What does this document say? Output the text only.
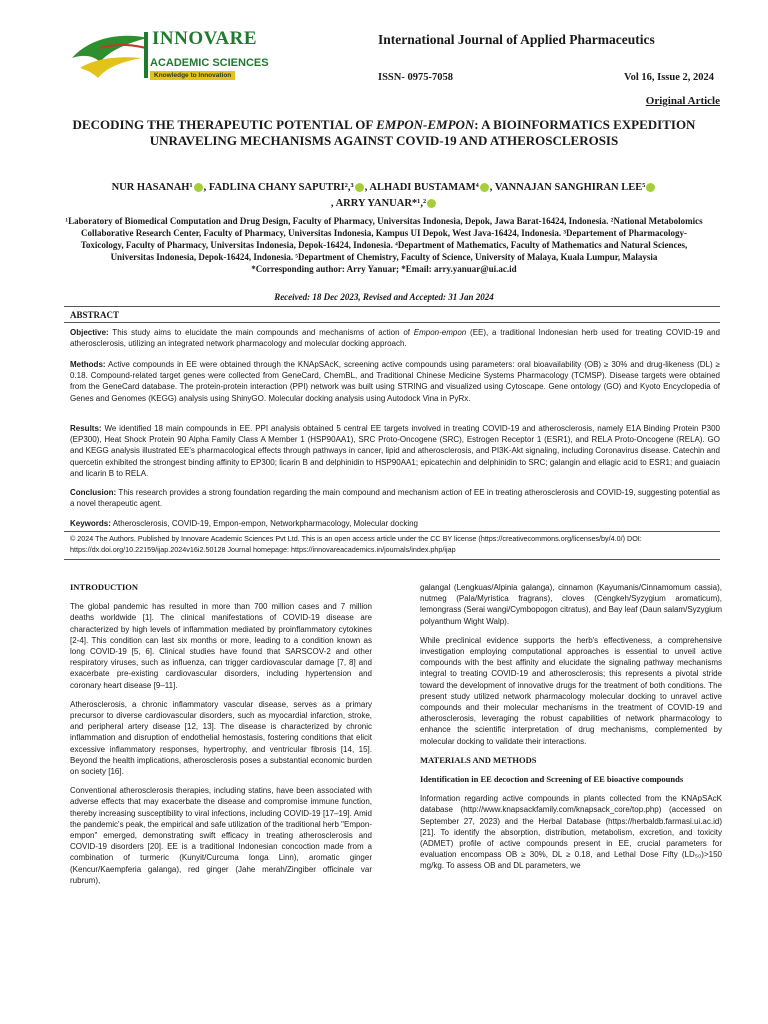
INNOVARE
ACADEMIC SCIENCES
Knowledge to Innovation
International Journal of Applied Pharmaceutics
ISSN- 0975-7058	Vol 16, Issue 2, 2024
Original Article
DECODING THE THERAPEUTIC POTENTIAL OF EMPON-EMPON: A BIOINFORMATICS EXPEDITION UNRAVELING MECHANISMS AGAINST COVID-19 AND ATHEROSCLEROSIS
NUR HASANAH¹ , FADLINA CHANY SAPUTRI²,³ , ALHADI BUSTAMAM⁴ , VANNAJAN SANGHIRAN LEE⁵
, ARRY YANUAR*¹,²
¹Laboratory of Biomedical Computation and Drug Design, Faculty of Pharmacy, Universitas Indonesia, Depok, Jawa Barat-16424, Indonesia. ²National Metabolomics Collaborative Research Center, Faculty of Pharmacy, Universitas Indonesia, Kampus UI Depok, West Java-16424, Indonesia. ³Departement of Pharmacology-Toxicology, Faculty of Pharmacy, Universitas Indonesia, Depok-16424, Indonesia. ⁴Department of Mathematics, Faculty of Mathematics and Natural Sciences, Universitas Indonesia, Depok-16424, Indonesia. ⁵Department of Chemistry, Faculty of Science, University of Malaya, Kuala Lumpur, Malaysia
*Corresponding author: Arry Yanuar; *Email: arry.yanuar@ui.ac.id
Received: 18 Dec 2023, Revised and Accepted: 31 Jan 2024
ABSTRACT
Objective: This study aims to elucidate the main compounds and mechanisms of action of Empon-empon (EE), a traditional Indonesian herb used for treating COVID-19 and atherosclerosis, utilizing an integrated network pharmacology and molecular docking approach.
Methods: Active compounds in EE were obtained through the KNApSAcK, screening active compounds using parameters: oral bioavailability (OB) ≥ 30% and drug-likeness (DL) ≥ 0.18. Compound-related target genes were collected from GeneCard, ChemBL, and Traditional Chinese Medicine Systems Pharmacology (TCMSP). Disease targets were obtained from the GeneCard database. The protein-protein interaction (PPI) network was built using STRING and visualized using Cytoscape. Gene ontology (GO) and Kyoto Encyclopedia of Genes and Genomes (KEGG) analysis using ShinyGO. Molecular docking analysis using Autodock Vina in PyRx.
Results: We identified 18 main compounds in EE. PPI analysis obtained 5 central EE targets involved in treating COVID-19 and atherosclerosis, namely E1A Binding Protein P300 (EP300), Heat Shock Protein 90 Alpha Family Class A Member 1 (HSP90AA1), SRC Proto-Oncogene (SRC), Estrogen Receptor 1 (ESR1), and RELA Proto-Oncogene (RELA). GO and KEGG analysis illustrated EE's pharmacological effects through pathways in cancer, lipid and atherosclerosis, and PI3K-Akt signaling, including Coronavirus disease. Catechin and quercetin exhibited the strongest binding affinity to EP300; licarin B and delphinidin to HSP90AA1; epicatechin and delphinidin to SRC; galangin and ellagic acid to ESR1; and guaiacin and licarin B to RELA.
Conclusion: This research provides a strong foundation regarding the main compound and mechanism action of EE in treating atherosclerosis and COVID-19, suggesting potential as a novel therapeutic agent.
Keywords: Atherosclerosis, COVID-19, Empon-empon, Networkpharmacology, Molecular docking
© 2024 The Authors. Published by Innovare Academic Sciences Pvt Ltd. This is an open access article under the CC BY license (https://creativecommons.org/licenses/by/4.0/) DOI: https://dx.doi.org/10.22159/ijap.2024v16i2.50128 Journal homepage: https://innovareacademics.in/journals/index.php/ijap
INTRODUCTION

The global pandemic has resulted in more than 700 million cases and 7 million deaths worldwide [1]. The clinical manifestations of COVID-19 disease are characterized by high levels of inflammation mediated by proinflammatory cytokines [2-4]. This condition can last six months or more, leading to a condition known as long COVID-19 [5, 6]. Clinical studies have found that SARSCOV-2 and other respiratory viruses, such as influenza, can trigger cardiovascular damage [7, 8] and exacerbate pre-existing cardiovascular disorders, including hypertension and coronary heart disease [9–11].

Atherosclerosis, a chronic inflammatory vascular disease, serves as a primary precursor to diverse cardiovascular disorders, such as myocardial infarction, stroke, and peripheral artery disease [12, 13]. The disease is characterized by chronic inflammation and disruption of endothelial hemostasis, fostering conditions that elicit excessive inflammatory responses, hypertrophy, and ventricular fibrosis [14, 15]. Beyond the health implications, atherosclerosis poses a substantial economic burden on society [16].

Conventional atherosclerosis therapies, including statins, have been associated with adverse effects that may exacerbate the disease and compromise immune function, thereby increasing susceptibility to viral infections, including COVID-19 [17–19]. Amid the pandemic's peak, the empirical and safe utilization of the traditional herb "Empon-empon" emerged, demonstrating swift efficacy in treating atherosclerosis and COVID-19 disorders [20]. EE is a traditional Indonesian concoction made from a combination of turmeric (Kunyit/Curcuma longa Linn), aromatic ginger (Kencur/Kaempferia galanga), red ginger (Jahe merah/Zingiber officinale var rubrum),

galangal (Lengkuas/Alpinia galanga), cinnamon (Kayumanis/Cinnamomum cassia), nutmeg (Pala/Myristica fragrans), cloves (Cengkeh/Syzygium aromaticum), lemongrass (Serai wangi/Cymbopogon citratus), and Bay leaf (Daun salam/Syzygium polyanthum Wight Walp).

While preclinical evidence supports the herb's effectiveness, a comprehensive investigation employing computational approaches is essential to unveil active compounds with the best affinity and elucidate the signaling pathway mechanisms integral to treating COVID-19 and atherosclerosis; this represents a pivotal stride toward the development of innovative drugs for the treatment of both conditions. The present study utilized network pharmacology molecular docking to unravel active compounds and their molecular mechanisms in the treatment of COVID-19 and atherosclerosis, leveraging the robust capabilities of network pharmacology to enhance the scientific interpretation of drug mechanisms, complemented by molecular docking to validate their interactions.

MATERIALS AND METHODS
Identification in EE decoction and Screening of EE bioactive compounds

Information regarding active compounds in plants collected from the KNApSAcK database (http://www.knapsackfamily.com/knapsack_core/top.php) (accessed on September 27, 2023) and the Herbal Database (https://herbaldb.farmasi.ui.ac.id) [21]. To identify the absorption, distribution, metabolism, excretion, and toxicity (ADMET) profile of active compounds present in EE, crucial parameters for evaluation encompass OB ≥ 30%, DL ≥ 0.18, and Lethal Dose Fifty (LD₅₀)>150 mg/kg. To assess OB and DL parameters, we
